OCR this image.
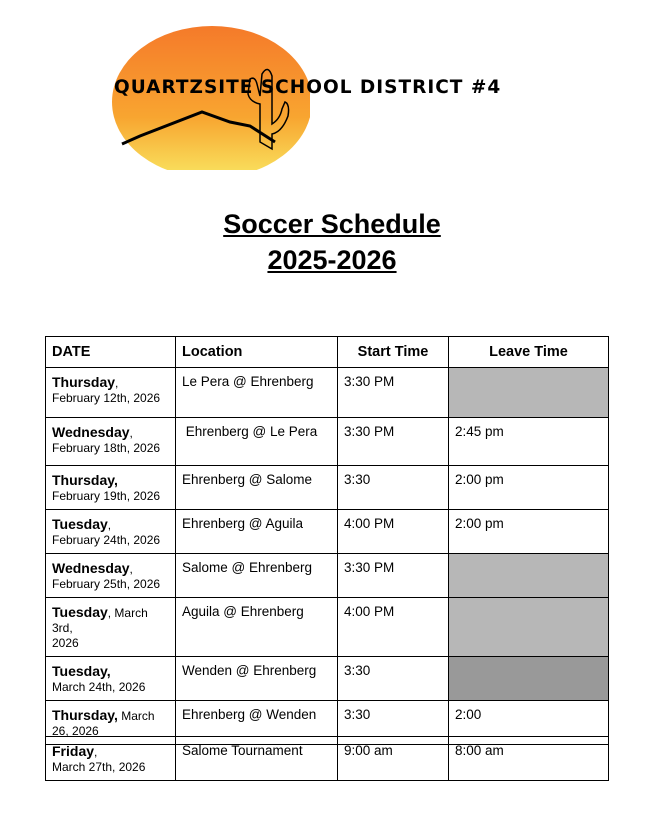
QUARTZSITE SCHOOL DISTRICT #4
Soccer Schedule
2025-2026
DATE	Location	Start Time	Leave Time
Thursday,
February 12th, 2026	Le Pera @ Ehrenberg	3:30 PM	
Wednesday,
February 18th, 2026	Ehrenberg @ Le Pera	3:30 PM	2:45 pm
Thursday,
February 19th, 2026	Ehrenberg @ Salome	3:30	2:00 pm
Tuesday,
February 24th, 2026	Ehrenberg @ Aguila	4:00 PM	2:00 pm
Wednesday,
February 25th, 2026	Salome @ Ehrenberg	3:30 PM	
Tuesday, March 3rd,
2026	Aguila @ Ehrenberg	4:00 PM	
Tuesday,
March 24th, 2026	Wenden @ Ehrenberg	3:30	
Thursday, March
26, 2026	Ehrenberg @ Wenden	3:30	2:00
Friday,
March 27th, 2026	Salome Tournament	9:00 am	8:00 am
